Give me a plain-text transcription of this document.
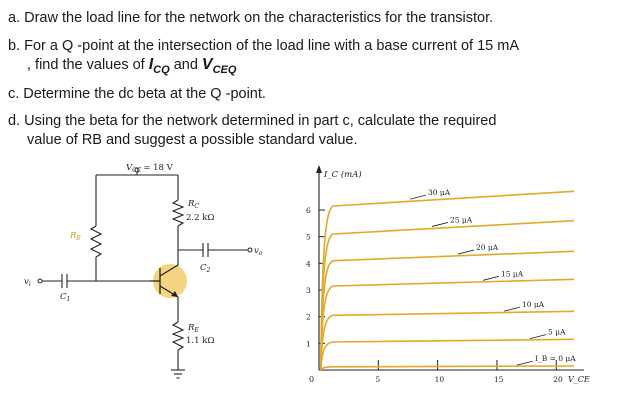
a. Draw the load line for the network on the characteristics for the transistor.
b. For a Q -point at the intersection of the load line with a base current of 15 mA
, find the values of $I_{CQ}$ and $V_{CEQ}$
c. Determine the dc beta at the Q -point.
d. Using the beta for the network determined in part c, calculate the required
value of RB and suggest a possible standard value.
$V_{CC} = 18$ V
$R_C$
2.2 kΩ
$R_B$
$R_E$
1.1 kΩ
$C_1$
$C_2$
$v_i$
$v_o$
I_C (mA)
V_CE
0	5	10	15	20
1
2
3
4
5
6
30 μA
25 μA
20 μA
15 μA
10 μA
5 μA
I_B = 0 μA
